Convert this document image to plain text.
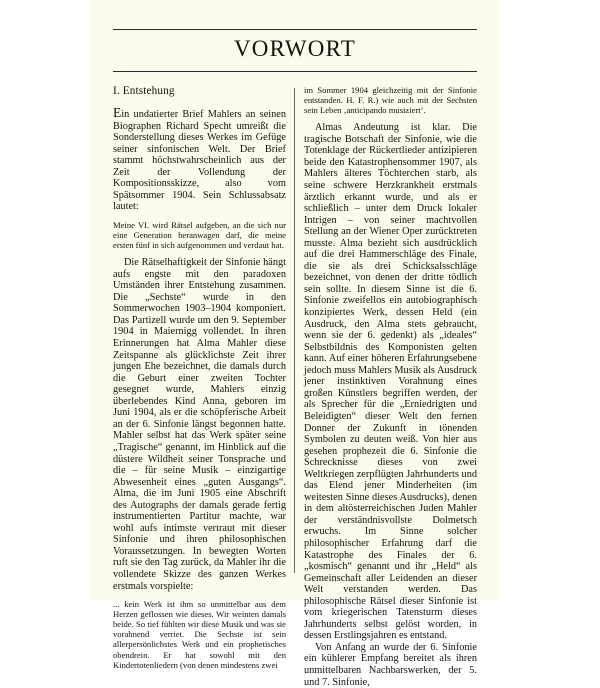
VORWORT
I. Entstehung

Ein undatierter Brief Mahlers an seinen Biographen Richard Specht umreißt die Sonderstellung dieses Werkes im Gefüge seiner sinfonischen Welt. Der Brief stammt höchstwahrscheinlich aus der Zeit der Vollendung der Kompositionsskizze, also vom Spätsommer 1904. Sein Schlussabsatz lautet:

Meine VI. wird Rätsel aufgeben, an die sich nur eine Generation heranwagen darf, die meine ersten fünf in sich aufgenommen und verdaut hat.

Die Rätselhaftigkeit der Sinfonie hängt aufs engste mit den paradoxen Umständen ihrer Entstehung zusammen. Die „Sechste“ wurde in den Sommerwochen 1903–1904 komponiert. Das Partizell wurde um den 9. September 1904 in Maiernigg vollendet. In ihren Erinnerungen hat Alma Mahler diese Zeitspanne als glücklichste Zeit ihrer jungen Ehe bezeichnet, die damals durch die Geburt einer zweiten Tochter gesegnet wurde, Mahlers einzig überlebendes Kind Anna, geboren im Juni 1904, als er die schöpferische Arbeit an der 6. Sinfonie längst begonnen hatte. Mahler selbst hat das Werk später seine „Tragische“ genannt, im Hinblick auf die düstere Wildheit seiner Tonsprache und die – für seine Musik – einzigartige Abwesenheit eines „guten Ausgangs“. Alma, die im Juni 1905 eine Abschrift des Autographs der damals gerade fertig instrumentierten Partitur machte, war wohl aufs intimste vertraut mit dieser Sinfonie und ihren philosophischen Voraussetzungen. In bewegten Worten ruft sie den Tag zurück, da Mahler ihr die vollendete Skizze des ganzen Werkes erstmals vorspielte:

... kein Werk ist ihm so unmittelbar aus dem Herzen geflossen wie dieses. Wir weinten damals beide. So tief fühlten wir diese Musik und was sie vorahnend verriet. Die Sechste ist sein allerpersönlichstes Werk und ein prophetisches obendrein. Er hat sowohl mit den Kindertotenliedern (von denen mindestens zwei

im Sommer 1904 gleichzeitig mit der Sinfonie entstanden. H. F. R.) wie auch mit der Sechsten sein Leben ‚anticipando musiziert‘.

Almas Andeutung ist klar. Die tragische Botschaft der Sinfonie, wie die Totenklage der Rückertlieder antizipieren beide den Katastrophensommer 1907, als Mahlers älteres Töchterchen starb, als seine schwere Herzkrankheit erstmals ärztlich erkannt wurde, und als er schließlich – unter dem Druck lokaler Intrigen – von seiner machtvollen Stellung an der Wiener Oper zurücktreten musste. Alma bezieht sich ausdrücklich auf die drei Hammerschläge des Finale, die sie als drei Schicksalsschläge bezeichnet, von denen der dritte tödlich sein sollte. In diesem Sinne ist die 6. Sinfonie zweifellos ein autobiographisch konzipiertes Werk, dessen Held (ein Ausdruck, den Alma stets gebraucht, wenn sie der 6. gedenkt) als „ideales“ Selbstbildnis des Komponisten gelten kann. Auf einer höheren Erfahrungsebene jedoch muss Mahlers Musik als Ausdruck jener instinktiven Vorahnung eines großen Künstlers begriffen werden, der als Sprecher für die „Erniedrigten und Beleidigten“ dieser Welt den fernen Donner der Zukunft in tönenden Symbolen zu deuten weiß. Von hier aus gesehen prophezeit die 6. Sinfonie die Schrecknisse dieses von zwei Weltkriegen zerpflügten Jahrhunderts und das Elend jener Minderheiten (im weitesten Sinne dieses Ausdrucks), denen in dem altösterreichischen Juden Mahler der verständnisvollste Dolmetsch erwuchs. Im Sinne solcher philosophischer Erfahrung darf die Katastrophe des Finales der 6. „kosmisch“ genannt und ihr „Held“ als Gemeinschaft aller Leidenden an dieser Welt verstanden werden. Das philosophische Rätsel dieser Sinfonie ist vom kriegerischen Tatensturm dieses Jahrhunderts selbst gelöst worden, in dessen Erstlingsjahren es entstand.

Von Anfang an wurde der 6. Sinfonie ein kühlerer Empfang bereitet als ihren unmittelbaren Nachbarswerken, der 5. und 7. Sinfonie,
